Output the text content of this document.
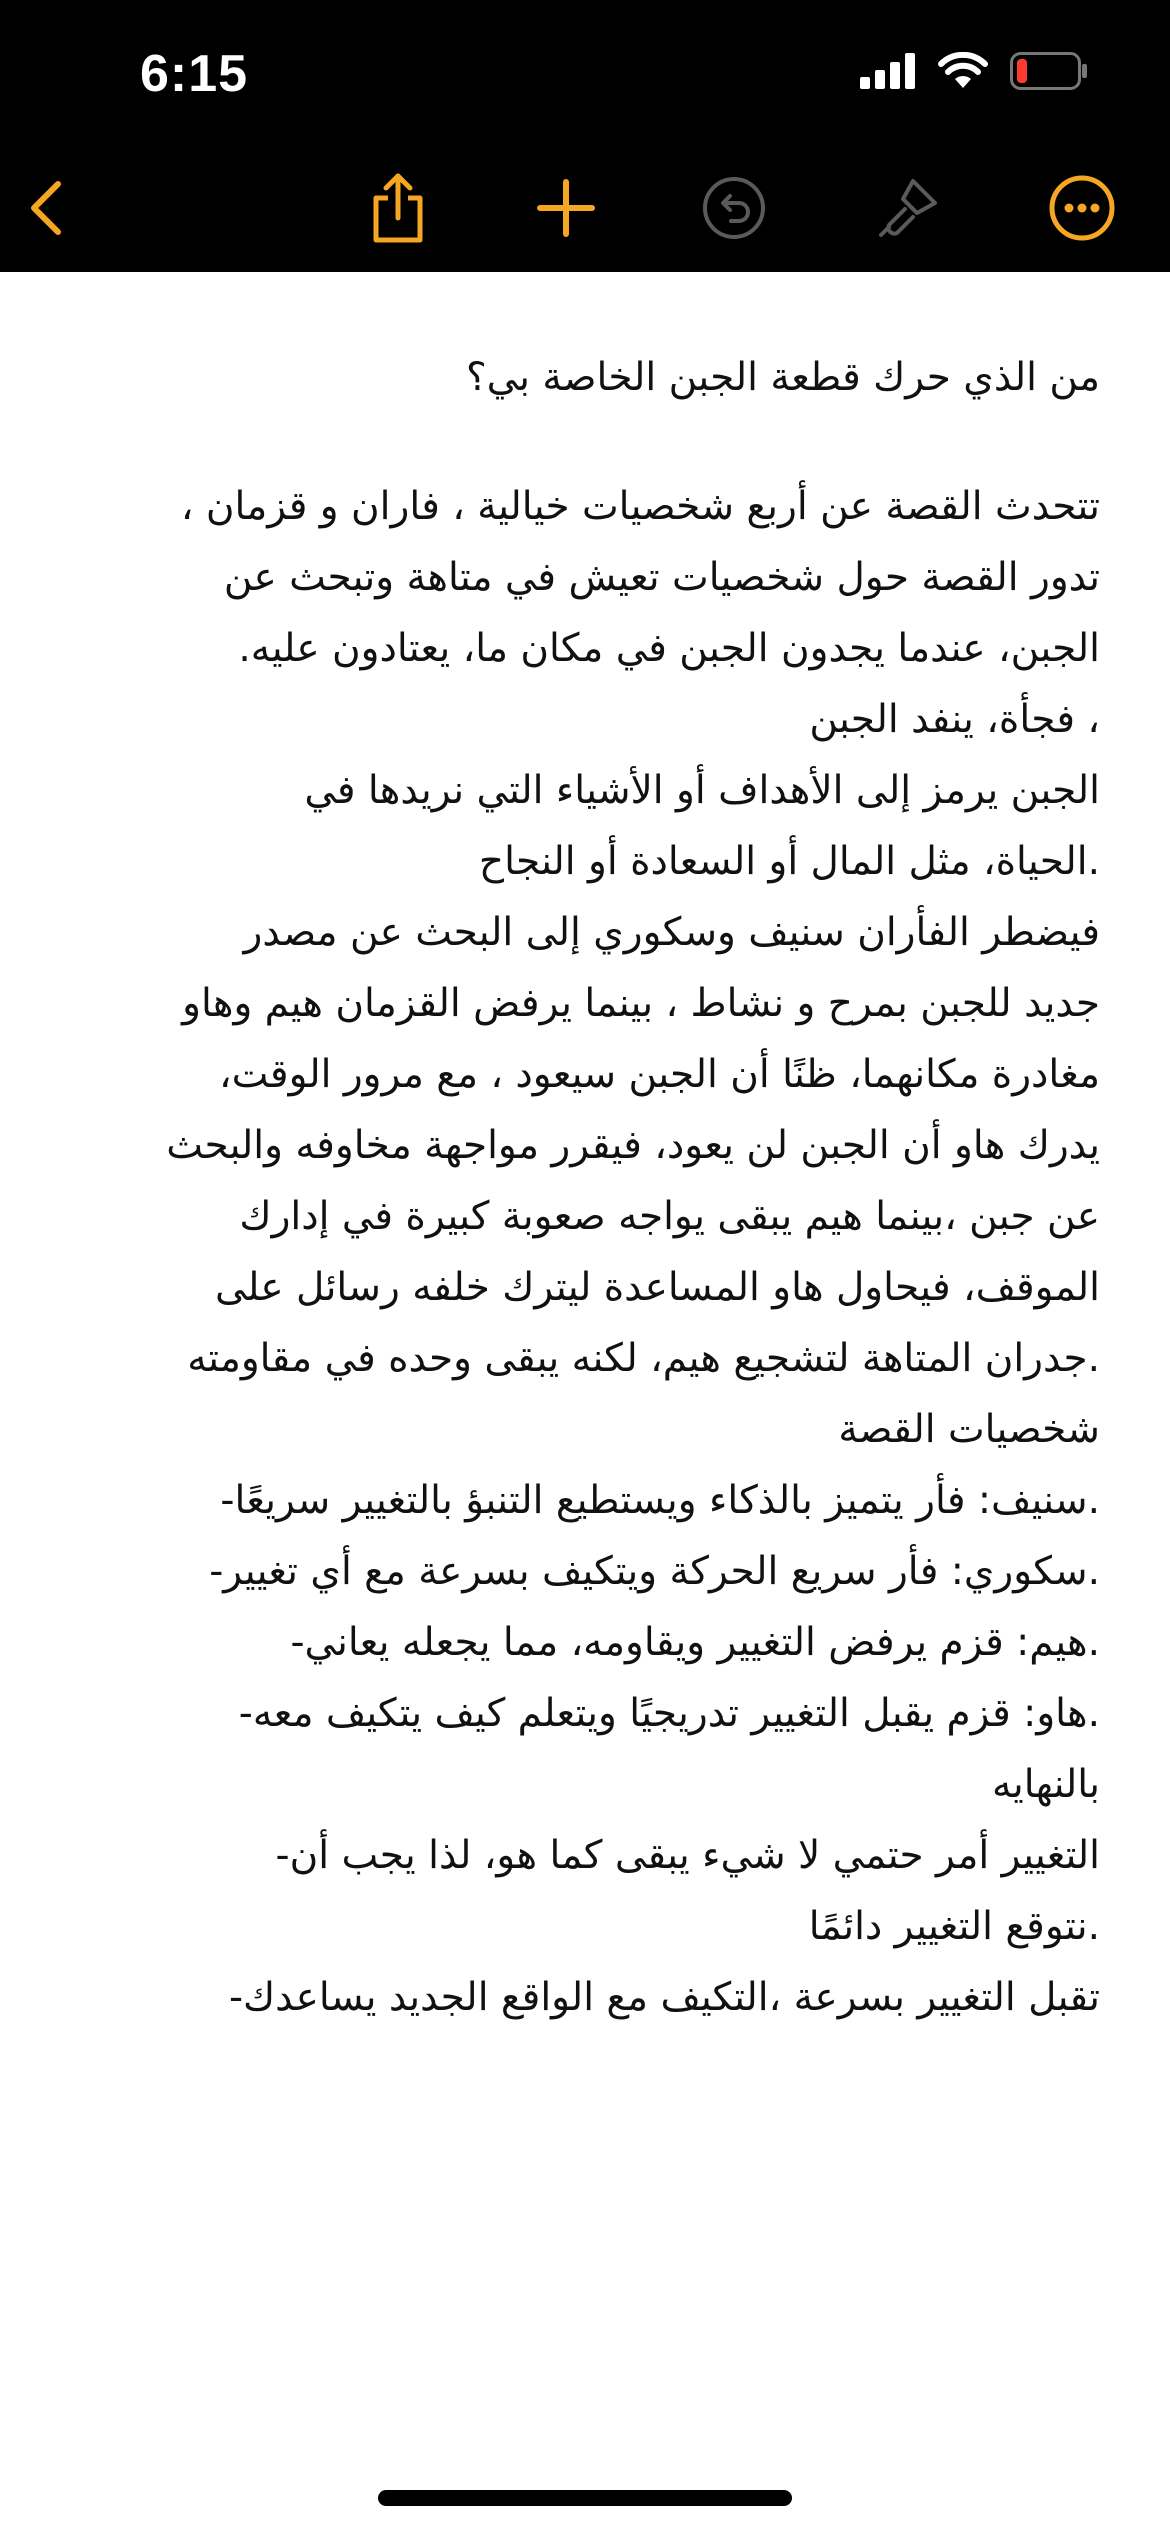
6:15
من الذي حرك قطعة الجبن الخاصة بي؟
تتحدث القصة عن أربع شخصيات خيالية ، فاران و قزمان ،
تدور القصة حول شخصيات تعيش في متاهة وتبحث عن
الجبن، عندما يجدون الجبن في مكان ما، يعتادون عليه.
، فجأة، ينفد الجبن
الجبن يرمز إلى الأهداف أو الأشياء التي نريدها في
.الحياة، مثل المال أو السعادة أو النجاح
فيضطر الفأران سنيف وسكوري إلى البحث عن مصدر
جديد للجبن بمرح و نشاط ، بينما يرفض القزمان هيم وهاو
مغادرة مكانهما، ظنًا أن الجبن سيعود ، مع مرور الوقت،
يدرك هاو أن الجبن لن يعود، فيقرر مواجهة مخاوفه والبحث
عن جبن ،بينما هيم يبقى يواجه صعوبة كبيرة في إدارك
الموقف، فيحاول هاو المساعدة ليترك خلفه رسائل على
.جدران المتاهة لتشجيع هيم، لكنه يبقى وحده في مقاومته
شخصيات القصة
.سنيف: فأر يتميز بالذكاء ويستطيع التنبؤ بالتغيير سريعًا-
.سكوري: فأر سريع الحركة ويتكيف بسرعة مع أي تغيير-
.هيم: قزم يرفض التغيير ويقاومه، مما يجعله يعاني-
.هاو: قزم يقبل التغيير تدريجيًا ويتعلم كيف يتكيف معه-
بالنهايه
التغيير أمر حتمي لا شيء يبقى كما هو، لذا يجب أن-
.نتوقع التغيير دائمًا
تقبل التغيير بسرعة ،التكيف مع الواقع الجديد يساعدك-
